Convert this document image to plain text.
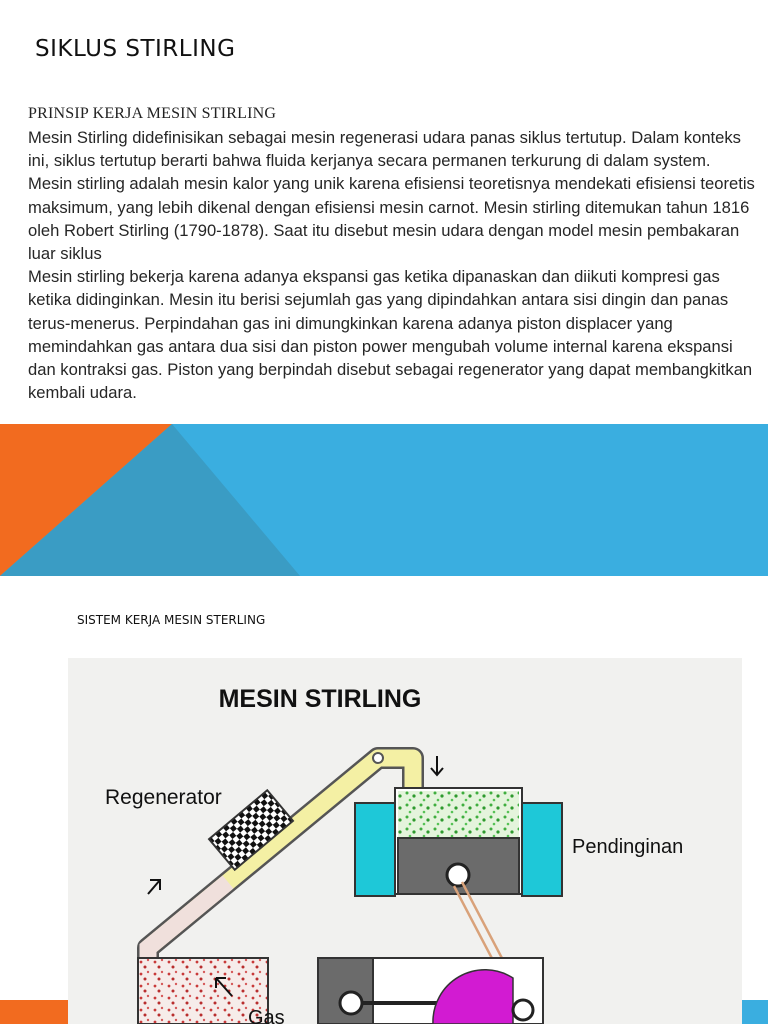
SIKLUS STIRLING
PRINSIP KERJA MESIN STIRLING

Mesin Stirling didefinisikan sebagai mesin regenerasi udara panas siklus tertutup. Dalam konteks ini, siklus tertutup berarti bahwa fluida kerjanya secara permanen terkurung di dalam system. Mesin stirling adalah mesin kalor yang unik karena efisiensi teoretisnya mendekati efisiensi teoretis maksimum, yang lebih dikenal dengan efisiensi mesin carnot. Mesin stirling ditemukan tahun 1816 oleh Robert Stirling (1790-1878). Saat itu disebut mesin udara dengan model mesin pembakaran luar siklus

Mesin stirling bekerja karena adanya ekspansi gas ketika dipanaskan dan diikuti kompresi gas ketika didinginkan. Mesin itu berisi sejumlah gas yang dipindahkan antara sisi dingin dan panas terus-menerus. Perpindahan gas ini dimungkinkan karena adanya piston displacer yang memindahkan gas antara dua sisi dan piston power mengubah volume internal karena ekspansi dan kontraksi gas. Piston yang berpindah disebut sebagai regenerator yang dapat membangkitkan kembali udara.

SISTEM KERJA MESIN STERLING
MESIN STIRLING
Regenerator
Pendinginan
Gas
